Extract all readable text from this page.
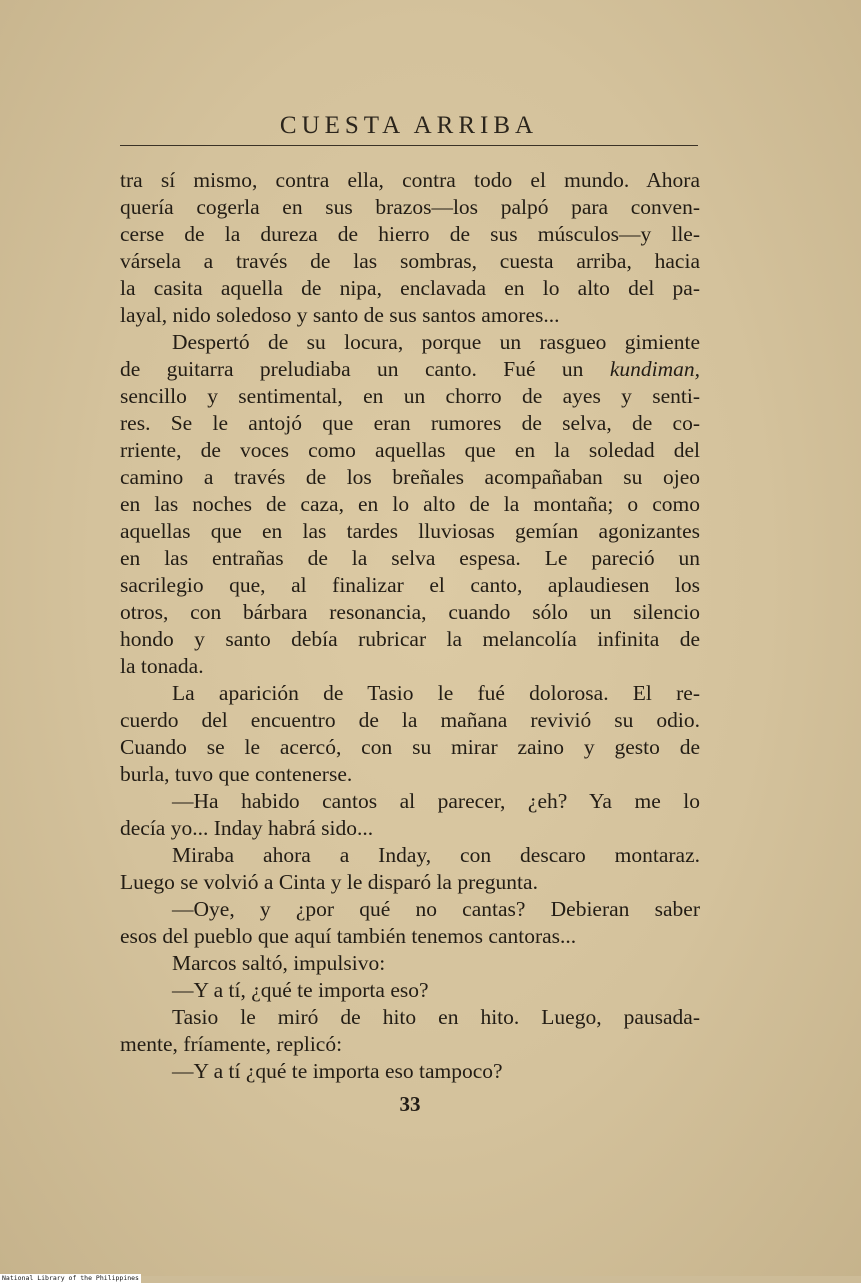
CUESTA ARRIBA
tra sí mismo, contra ella, contra todo el mundo. Ahora
quería cogerla en sus brazos—los palpó para conven-
cerse de la dureza de hierro de sus músculos—y lle-
vársela a través de las sombras, cuesta arriba, hacia
la casita aquella de nipa, enclavada en lo alto del pa-
layal, nido soledoso y santo de sus santos amores...
Despertó de su locura, porque un rasgueo gimiente
de guitarra preludiaba un canto. Fué un kundiman,
sencillo y sentimental, en un chorro de ayes y senti-
res. Se le antojó que eran rumores de selva, de co-
rriente, de voces como aquellas que en la soledad del
camino a través de los breñales acompañaban su ojeo
en las noches de caza, en lo alto de la montaña; o como
aquellas que en las tardes lluviosas gemían agonizantes
en las entrañas de la selva espesa. Le pareció un
sacrilegio que, al finalizar el canto, aplaudiesen los
otros, con bárbara resonancia, cuando sólo un silencio
hondo y santo debía rubricar la melancolía infinita de
la tonada.
La aparición de Tasio le fué dolorosa. El re-
cuerdo del encuentro de la mañana revivió su odio.
Cuando se le acercó, con su mirar zaino y gesto de
burla, tuvo que contenerse.
—Ha habido cantos al parecer, ¿eh? Ya me lo
decía yo... Inday habrá sido...
Miraba ahora a Inday, con descaro montaraz.
Luego se volvió a Cinta y le disparó la pregunta.
—Oye, y ¿por qué no cantas? Debieran saber
esos del pueblo que aquí también tenemos cantoras...
Marcos saltó, impulsivo:
—Y a tí, ¿qué te importa eso?
Tasio le miró de hito en hito. Luego, pausada-
mente, fríamente, replicó:
—Y a tí ¿qué te importa eso tampoco?
33
National Library of the Philippines
